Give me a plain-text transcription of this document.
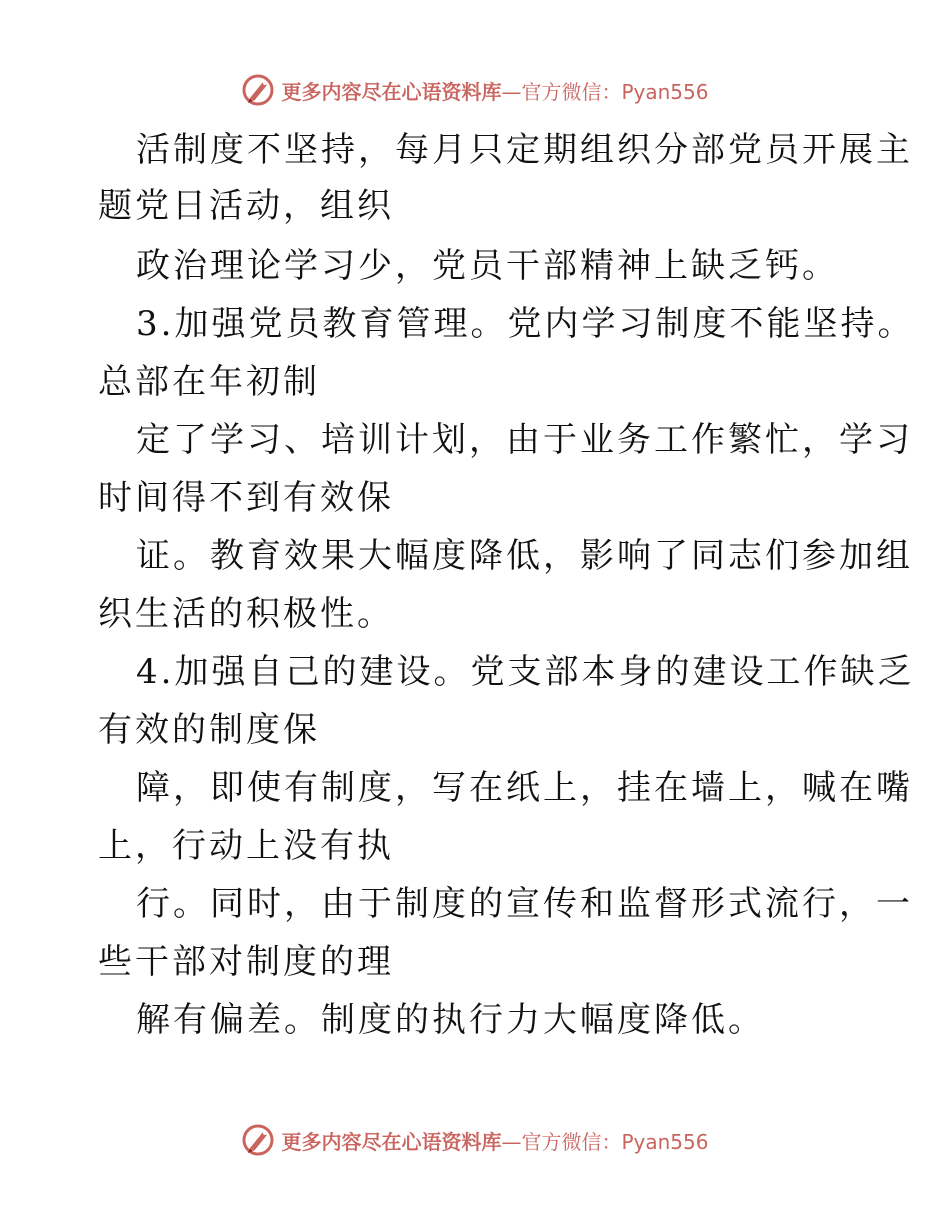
更多内容尽在心语资料库—官方微信：Pyan556
活制度不坚持，每月只定期组织分部党员开展主
题党日活动，组织
政治理论学习少，党员干部精神上缺乏钙。
3.加强党员教育管理。党内学习制度不能坚持。
总部在年初制
定了学习、培训计划，由于业务工作繁忙，学习
时间得不到有效保
证。教育效果大幅度降低，影响了同志们参加组
织生活的积极性。
4.加强自己的建设。党支部本身的建设工作缺乏
有效的制度保
障，即使有制度，写在纸上，挂在墙上，喊在嘴
上，行动上没有执
行。同时，由于制度的宣传和监督形式流行，一
些干部对制度的理
解有偏差。制度的执行力大幅度降低。
更多内容尽在心语资料库—官方微信：Pyan556
